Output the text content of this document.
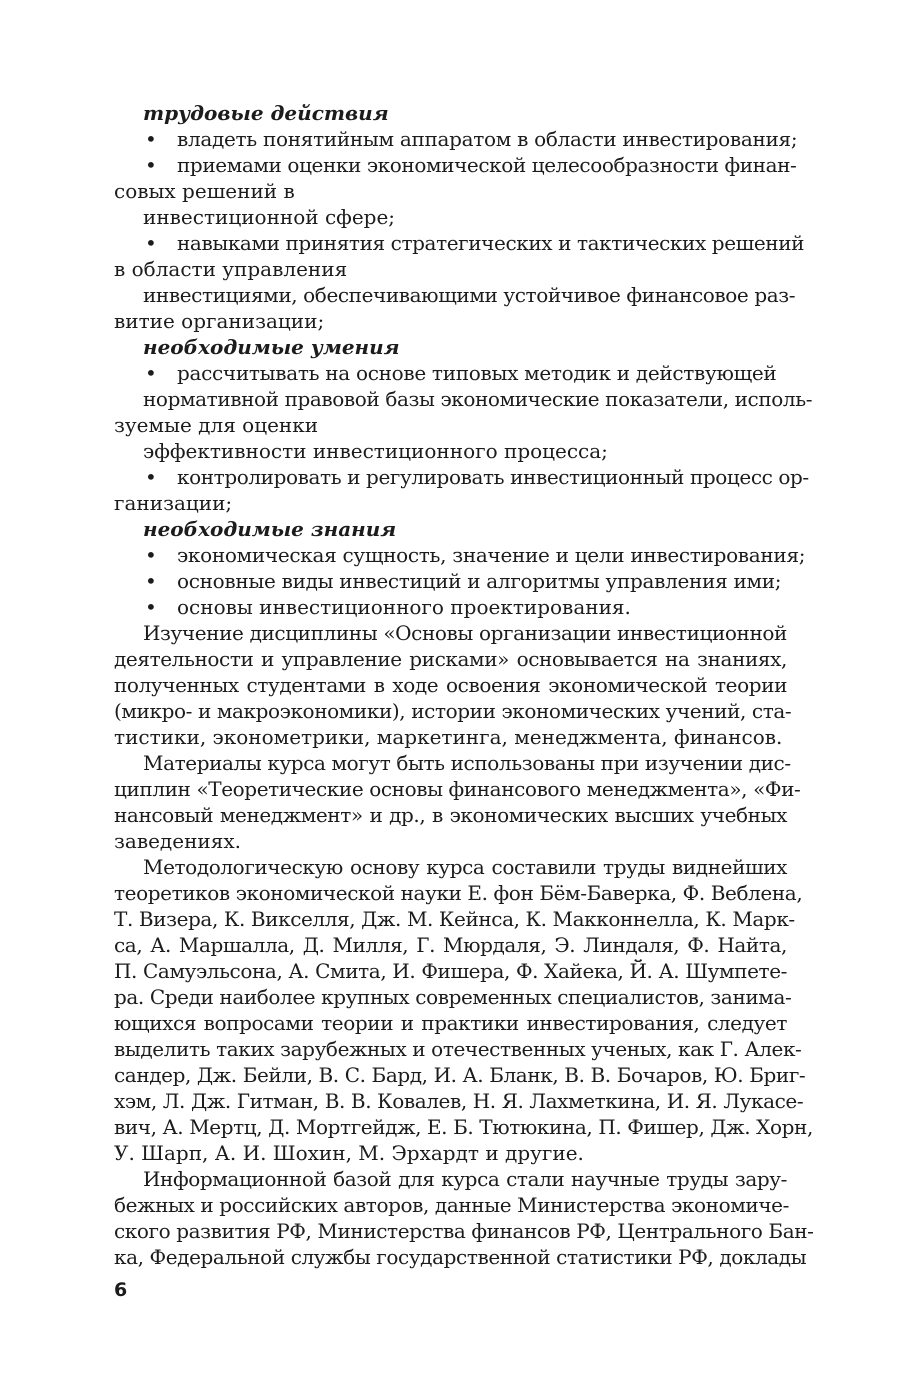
6
трудовые действия
• владеть понятийным аппаратом в области инвестирования;
• приемами оценки экономической целесообразности финан-
совых решений в
инвестиционной сфере;
• навыками принятия стратегических и тактических решений
в области управления
инвестициями, обеспечивающими устойчивое финансовое раз-
витие организации;
необходимые умения
• рассчитывать на основе типовых методик и действующей
нормативной правовой базы экономические показатели, исполь-
зуемые для оценки
эффективности инвестиционного процесса;
• контролировать и регулировать инвестиционный процесс ор-
ганизации;
необходимые знания
• экономическая сущность, значение и цели инвестирования;
• основные виды инвестиций и алгоритмы управления ими;
• основы инвестиционного проектирования.
Изучение дисциплины «Основы организации инвестиционной
деятельности и управление рисками» основывается на знаниях,
полученных студентами в ходе освоения экономической теории
(микро- и макроэкономики), истории экономических учений, ста-
тистики, эконометрики, маркетинга, менеджмента, финансов.
Материалы курса могут быть использованы при изучении дис-
циплин «Теоретические основы финансового менеджмента», «Фи-
нансовый менеджмент» и др., в экономических высших учебных
заведениях.
Методологическую основу курса составили труды виднейших
теоретиков экономической науки Е. фон Бём-Баверка, Ф. Веблена,
Т. Визера, К. Викселля, Дж. М. Кейнса, К. Макконнелла, К. Марк-
са, А. Маршалла, Д. Милля, Г. Мюрдаля, Э. Линдаля, Ф. Найта,
П. Самуэльсона, А. Смита, И. Фишера, Ф. Хайека, Й. А. Шумпете-
ра. Среди наиболее крупных современных специалистов, занима-
ющихся вопросами теории и практики инвестирования, следует
выделить таких зарубежных и отечественных ученых, как Г. Алек-
сандер, Дж. Бейли, В. С. Бард, И. А. Бланк, В. В. Бочаров, Ю. Бриг-
хэм, Л. Дж. Гитман, В. В. Ковалев, Н. Я. Лахметкина, И. Я. Лукасе-
вич, А. Мертц, Д. Мортгейдж, Е. Б. Тютюкина, П. Фишер, Дж. Хорн,
У. Шарп, А. И. Шохин, М. Эрхардт и другие.
Информационной базой для курса стали научные труды зару-
бежных и российских авторов, данные Министерства экономиче-
ского развития РФ, Министерства финансов РФ, Центрального Бан-
ка, Федеральной службы государственной статистики РФ, доклады
